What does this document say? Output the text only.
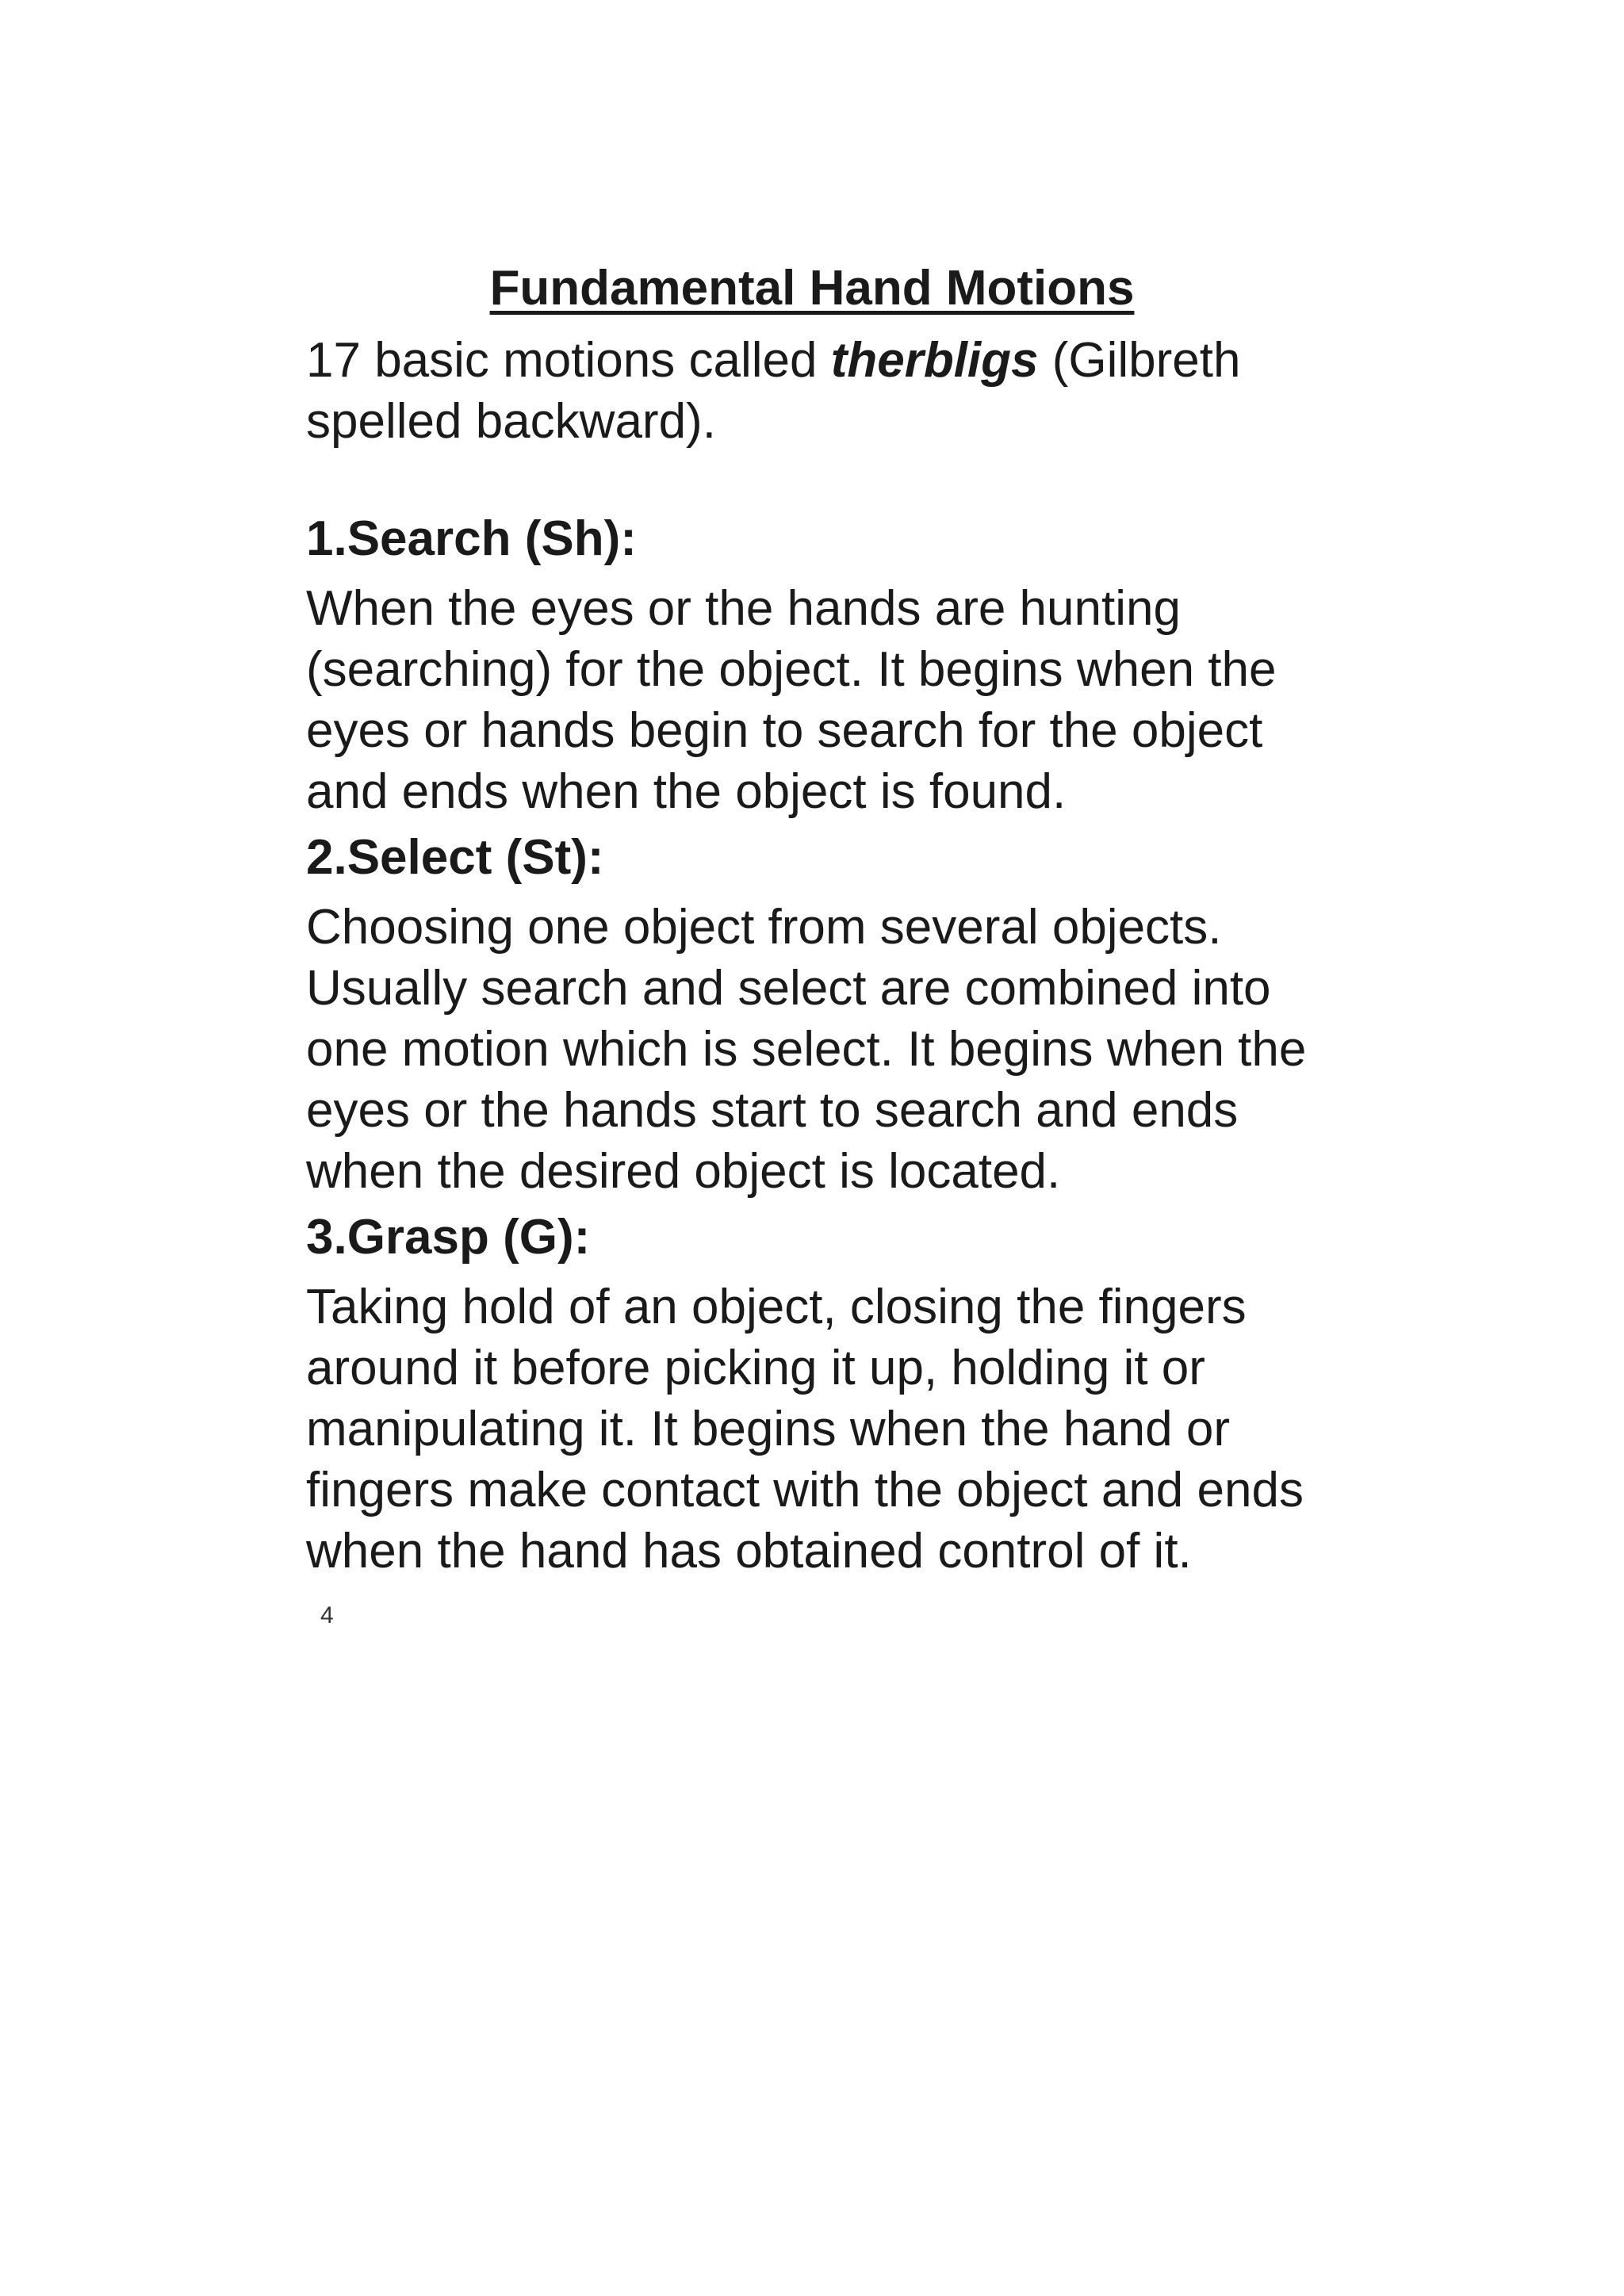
Fundamental Hand Motions

17 basic motions called therbligs (Gilbreth spelled backward).

1.Search (Sh):

When the eyes or the hands are hunting (searching) for the object. It begins when the eyes or hands begin to search for the object and ends when the object is found.

2.Select (St):

Choosing one object from several objects. Usually search and select are combined into one motion which is select. It begins when the eyes or the hands start to search and ends when the desired object is located.

3.Grasp (G):

Taking hold of an object, closing the fingers around it before picking it up, holding it or manipulating it. It begins when the hand or fingers make contact with the object and ends when the hand has obtained control of it.

4
